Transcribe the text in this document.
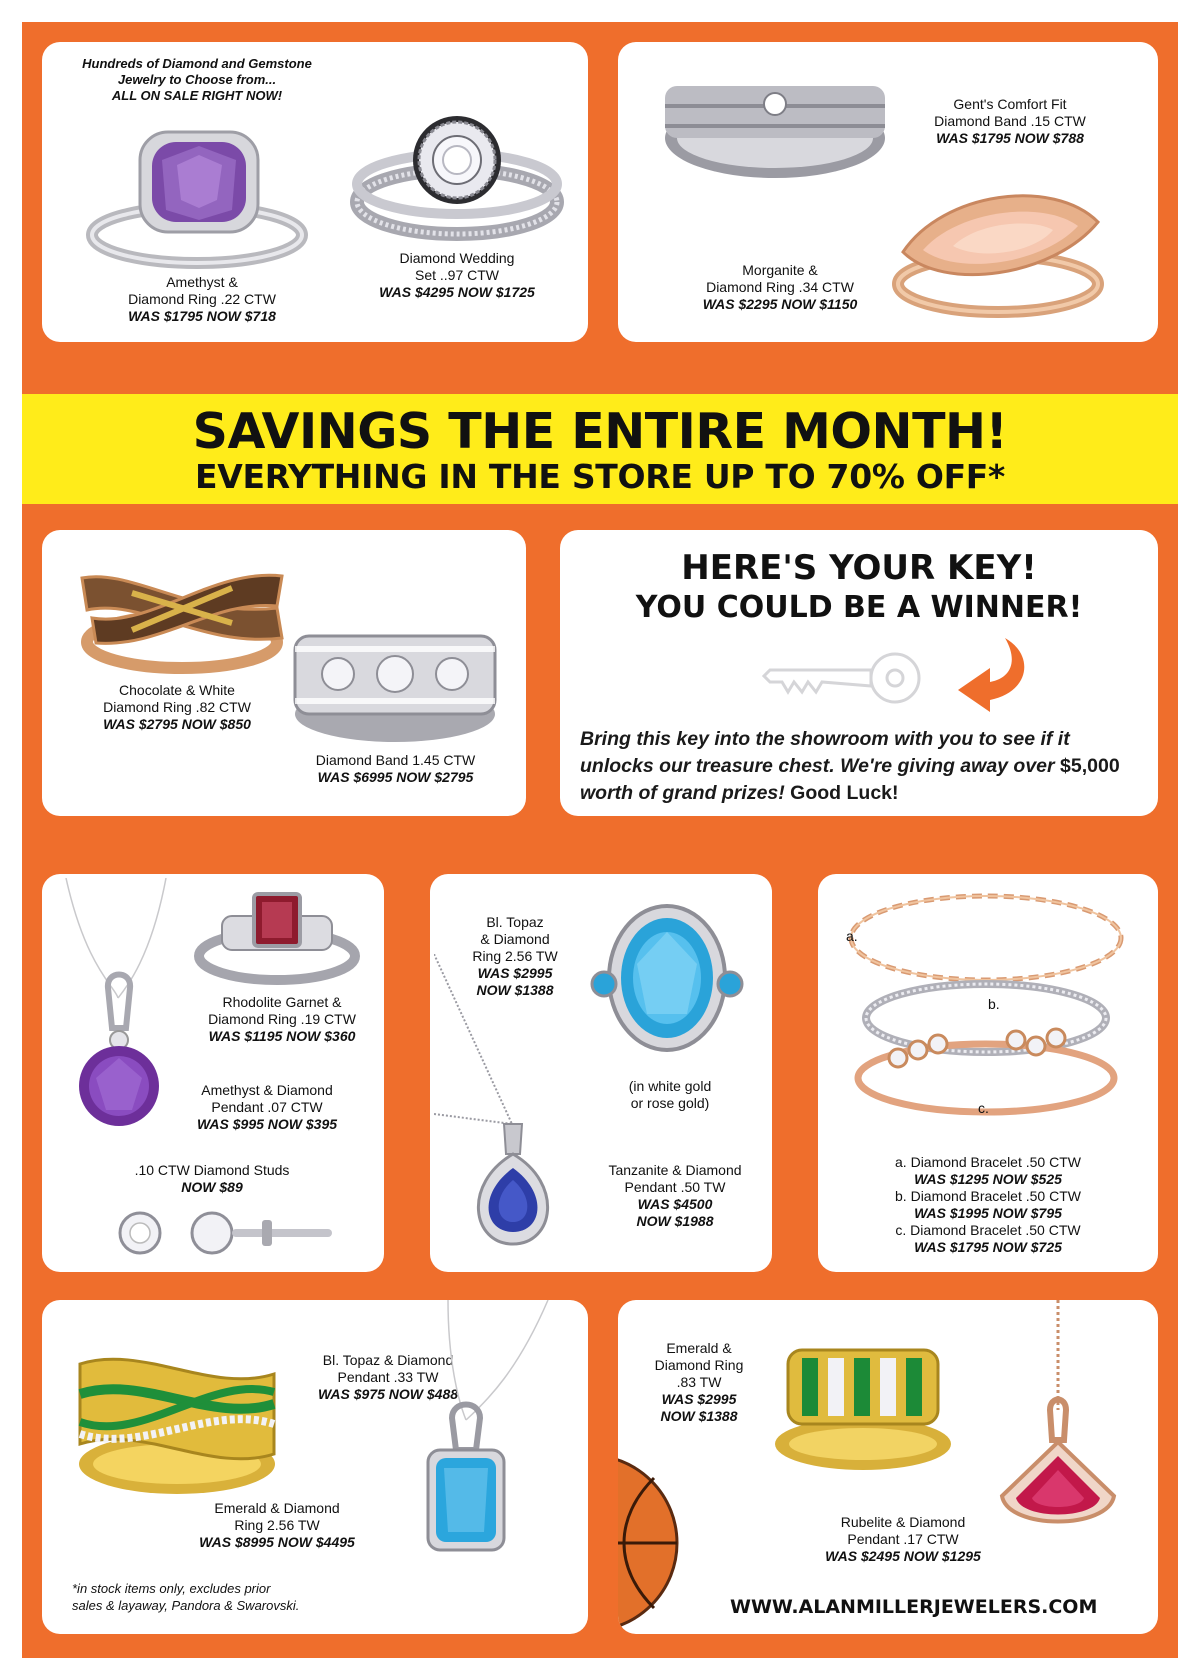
Hundreds of Diamond and Gemstone
Jewelry to Choose from...
ALL ON SALE RIGHT NOW!
Amethyst &
Diamond Ring .22 CTW
WAS $1795 NOW $718
Diamond Wedding
Set ..97 CTW
WAS $4295 NOW $1725
Gent's Comfort Fit
Diamond Band .15 CTW
WAS $1795 NOW $788
Morganite &
Diamond Ring .34 CTW
WAS $2295 NOW $1150
SAVINGS THE ENTIRE MONTH!
EVERYTHING IN THE STORE UP TO 70% OFF*
Chocolate & White
Diamond Ring .82 CTW
WAS $2795 NOW $850
Diamond Band 1.45 CTW
WAS $6995 NOW $2795
HERE'S YOUR KEY!
YOU COULD BE A WINNER!
Bring this key into the showroom with you to see if it unlocks our treasure chest. We're giving away over $5,000 worth of grand prizes! Good Luck!
Rhodolite Garnet &
Diamond Ring .19 CTW
WAS $1195 NOW $360
Amethyst & Diamond
Pendant .07 CTW
WAS $995 NOW $395
.10 CTW Diamond Studs
NOW $89
Bl. Topaz
& Diamond
Ring 2.56 TW
WAS $2995
NOW $1388
(in white gold
or rose gold)
Tanzanite & Diamond
Pendant .50 TW
WAS $4500
NOW $1988
a.
b.
c.
a. Diamond Bracelet .50 CTW
WAS $1295 NOW $525
b. Diamond Bracelet .50 CTW
WAS $1995 NOW $795
c. Diamond Bracelet .50 CTW
WAS $1795 NOW $725
Emerald & Diamond
Ring 2.56 TW
WAS $8995 NOW $4495
Bl. Topaz & Diamond
Pendant .33 TW
WAS $975 NOW $488
*in stock items only, excludes prior
sales & layaway, Pandora & Swarovski.
Emerald &
Diamond Ring
.83 TW
WAS $2995
NOW $1388
Rubelite & Diamond
Pendant .17 CTW
WAS $2495 NOW $1295
WWW.ALANMILLERJEWELERS.COM
